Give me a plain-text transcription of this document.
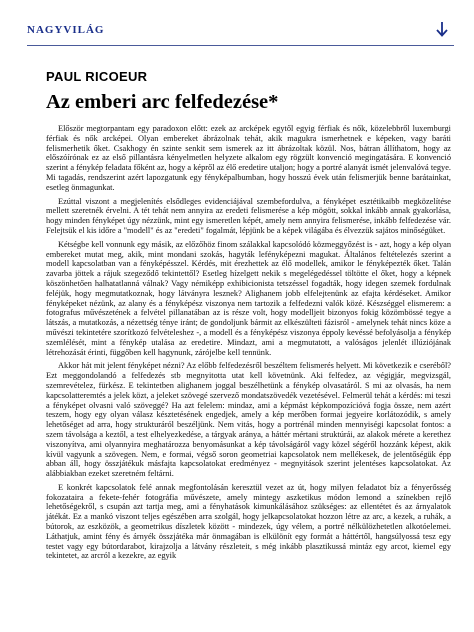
NAGYVILÁG
PAUL RICOEUR
Az emberi arc felfedezése*

Először megtorpantam egy paradoxon előtt: ezek az arcképek egytől egyig férfiak és nők, közelebbről luxemburgi férfiak és nők arcképei. Olyan embereket ábrázolnak tehát, akik magukra ismerhetnek e képeken, vagy baráti felismerhetik őket. Csakhogy én szinte senkit sem ismerek az itt ábrázoltak közül. Nos, bátran állíthatom, hogy az előszóírónak ez az első pillantásra kényelmetlen helyzete alkalom egy rögzült konvenció megingatására. E konvenció szerint a fénykép feladata főként az, hogy a képről az élő eredetire utaljon; hogy a portré alanyát ismét jelenvalóvá tegye. Mi tagadás, rendszerint azért lapozgatunk egy fényképalbumban, hogy hosszú évek után felismerjük benne barátainkat, esetleg önmagunkat.

Ezúttal viszont a megjelenítés elsődleges evidenciájával szembefordulva, a fényképet esztétikaibb megközelítése mellett szeretnék érvelni. A tét tehát nem annyira az eredeti felismerése a kép mögött, sokkal inkább annak gyakorlása, hogy minden fényképet úgy nézzünk, mint egy ismeretlen képét, amely nem annyira felismerése, inkább felfedezése vár. Felejtsük el kis időre a "modell" és az "eredeti" fogalmát, lépjünk be a képek világába és élvezzük sajátos minőségüket.

Kétségbe kell vonnunk egy másik, az előzőhöz finom szálakkal kapcsolódó közmeggyőzést is - azt, hogy a kép olyan embereket mutat meg, akik, mint mondani szokás, hagyták lefényképezni magukat. Általános feltételezés szerint a modell kapcsolatban van a fényképésszel. Kérdés, mit érezhettek az élő modellek, amikor le fényképezték őket. Talán zavarba jöttek a rájuk szegeződő tekintettől? Esetleg hízelgett nekik s megelégedéssel töltötte el őket, hogy a képnek köszönhetően halhatatlanná válnak? Vagy némiképp exhibicionista tetszéssel fogadták, hogy idegen szemek fordulnak feléjük, hogy megmutatkoznak, hogy látványra lesznek? Alighanem jobb elfelejtenünk az efajta kérdéseket. Amikor fényképeket nézünk, az alany és a fényképész viszonya nem tartozik a felfedezni valók közé. Készséggel elismerem: a fotografus művészetének a felvétel pillanatában az is része volt, hogy modelljeit bizonyos fokig közömbössé tegye a látszás, a mutatkozás, a nézettség ténye iránt; de gondoljunk bármit az elkészülteti fázisról - amelynek tehát nincs köze a művészi tekintetére szorítkozó felvételeshez -, a modell és a fényképész viszonya éppoly kevéssé befolyásolja a fénykép szemlélését, mint a fénykép utalása az eredetire. Mindazt, ami a megmutatott, a valóságos jelenlét illúziójának létrehozását érinti, függőben kell hagynunk, zárójelbe kell tennünk.

Akkor hát mit jelent fényképet nézni? Az előbb felfedezésről beszéltem felismerés helyett. Mi következik e cseréből? Ezt meggondolandó a felfedezés stb megnyitotta utat kell követnünk. Aki felfedez, az végigjár, megvizsgál, szemrevételez, fürkész. E tekintetben alighanem joggal beszélhetünk a fénykép olvasatáról. S mi az olvasás, ha nem kapcsolatteremtés a jelek közt, a jeleket szövegé szervező mondatszövedék vezetésével. Felmerül tehát a kérdés: mi teszi a fényképet olvasni való szöveggé? Ha azt felelem: mindaz, ami a képmást képkompozícióvá fogja össze, nem azért teszem, hogy egy olyan válasz késztetésének engedjek, amely a kép merőben formai jegyeire korlátozódik, s amely lehetőséget ad arra, hogy strukturáról beszéljünk. Nem vitás, hogy a portrénál minden mennyiségi kapcsolat fontos: a szem távolsága a keztől, a test elhelyezkedése, a tárgyak aránya, a háttér mértani struktúrái, az alakok mérete a kerethez viszonyítva, ami olyannyira meghatározza benyomásunkat a kép távolságáról vagy közel ségéről hozzánk képest, akik kívül vagyunk a szövegen. Nem, e formai, végső soron geometriai kapcsolatok nem mellékesek, de jelentőségük épp abban áll, hogy összjátékuk másfajta kapcsolatokat eredményez - megnyitások szerint jelentéses kapcsolatokat. Az alábbiakban ezeket szeretném feltárni.

E konkrét kapcsolatok felé annak megfontolásán keresztül vezet az út, hogy milyen feladatot bíz a fényerősség fokozataira a fekete-fehér fotográfia művészete, amely mintegy aszketikus módon lemond a színekben rejlő lehetőségekről, s csupán azt tartja meg, ami a fényhatások kimunkálásához szükséges: az ellentétet és az árnyalatok játékát. Ez a mankó viszont teljes egészében arra szolgál, hogy jelkapcsolatokat hozzon létre az arc, a kezek, a ruhák, a bútorok, az eszközök, a geometrikus díszletek között - mindezek, úgy vélem, a portré nélkülözhetetlen alkotóelemei. Láthatjuk, amint fény és árnyék összjátéka már önmagában is elkülönít egy formát a háttértől, hangsúlyossá tesz egy testet vagy egy bútordarabot, kirajzolja a látvány részleteit, s még inkább plasztikussá mintáz egy arcot, kiemel egy tekintetet, az arcról a kezekre, az egyik
